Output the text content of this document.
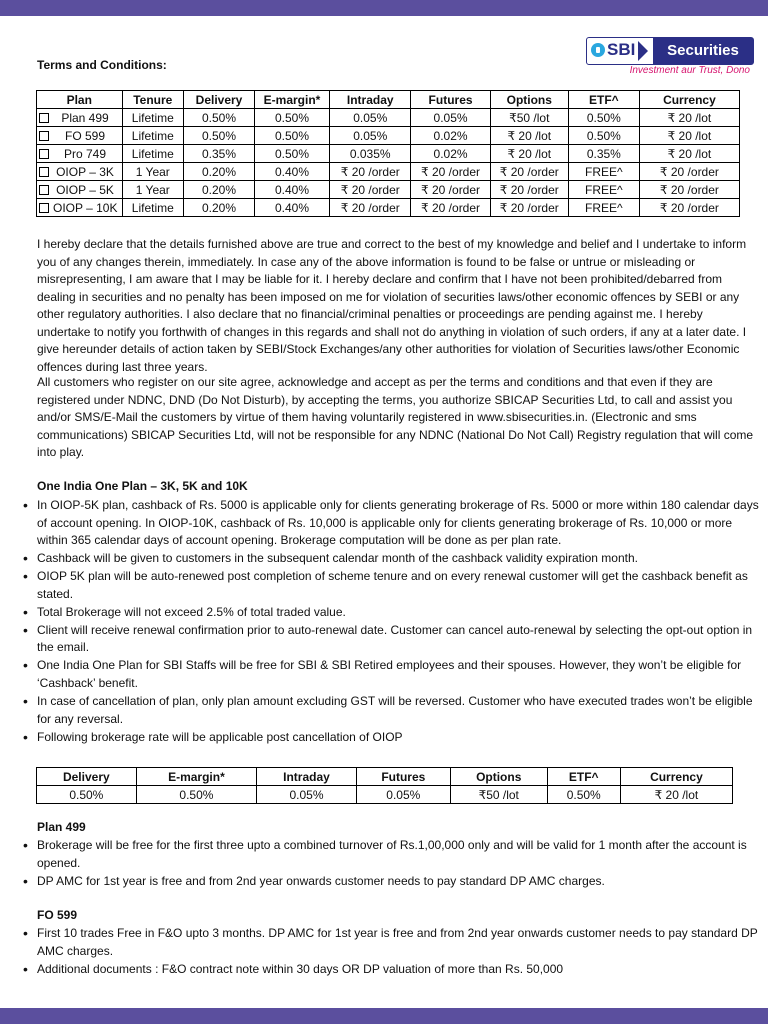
Terms and Conditions:
SBI	Securities
Investment aur Trust, Dono
Plan	Tenure	Delivery	E-margin*	Intraday	Futures	Options	ETF^	Currency
Plan 499	Lifetime	0.50%	0.50%	0.05%	0.05%	₹50 /lot	0.50%	₹ 20 /lot
FO 599	Lifetime	0.50%	0.50%	0.05%	0.02%	₹ 20 /lot	0.50%	₹ 20 /lot
Pro 749	Lifetime	0.35%	0.50%	0.035%	0.02%	₹ 20 /lot	0.35%	₹ 20 /lot
OIOP – 3K	1 Year	0.20%	0.40%	₹ 20 /order	₹ 20 /order	₹ 20 /order	FREE^	₹ 20 /order
OIOP – 5K	1 Year	0.20%	0.40%	₹ 20 /order	₹ 20 /order	₹ 20 /order	FREE^	₹ 20 /order
OIOP – 10K	Lifetime	0.20%	0.40%	₹ 20 /order	₹ 20 /order	₹ 20 /order	FREE^	₹ 20 /order

I hereby declare that the details furnished above are true and correct to the best of my knowledge and belief and I undertake to inform you of any changes therein, immediately. In case any of the above information is found to be false or untrue or misleading or misrepresenting, I am aware that I may be liable for it. I hereby declare and confirm that I have not been prohibited/debarred from dealing in securities and no penalty has been imposed on me for violation of securities laws/other economic offences by SEBI or any other regulatory authorities. I also declare that no financial/criminal penalties or proceedings are pending against me. I hereby undertake to notify you forthwith of changes in this regards and shall not do anything in violation of such orders, if any at a later date. I give hereunder details of action taken by SEBI/Stock Exchanges/any other authorities for violation of Securities laws/other Economic offences during last three years.

All customers who register on our site agree, acknowledge and accept as per the terms and conditions and that even if they are registered under NDNC, DND (Do Not Disturb), by accepting the terms, you authorize SBICAP Securities Ltd, to call and assist you and/or SMS/E-Mail the customers by virtue of them having voluntarily registered in www.sbisecurities.in. (Electronic and sms communications) SBICAP Securities Ltd, will not be responsible for any NDNC (National Do Not Call) Registry regulation that will come into play.

One India One Plan – 3K, 5K and 10K
• In OIOP-5K plan, cashback of Rs. 5000 is applicable only for clients generating brokerage of Rs. 5000 or more within 180 calendar days of account opening. In OIOP-10K, cashback of Rs. 10,000 is applicable only for clients generating brokerage of Rs. 10,000 or more within 365 calendar days of account opening. Brokerage computation will be done as per plan rate.
• Cashback will be given to customers in the subsequent calendar month of the cashback validity expiration month.
• OIOP 5K plan will be auto-renewed post completion of scheme tenure and on every renewal customer will get the cashback benefit as stated.
• Total Brokerage will not exceed 2.5% of total traded value.
• Client will receive renewal confirmation prior to auto-renewal date. Customer can cancel auto-renewal by selecting the opt-out option in the email.
• One India One Plan for SBI Staffs will be free for SBI & SBI Retired employees and their spouses. However, they won’t be eligible for ‘Cashback’ benefit.
• In case of cancellation of plan, only plan amount excluding GST will be reversed. Customer who have executed trades won’t be eligible for any reversal.
• Following brokerage rate will be applicable post cancellation of OIOP
Delivery	E-margin*	Intraday	Futures	Options	ETF^	Currency
0.50%	0.50%	0.05%	0.05%	₹50 /lot	0.50%	₹ 20 /lot
Plan 499
• Brokerage will be free for the first three upto a combined turnover of Rs.1,00,000 only and will be valid for 1 month after the account is opened.
• DP AMC for 1st year is free and from 2nd year onwards customer needs to pay standard DP AMC charges.
FO 599
• First 10 trades Free in F&O upto 3 months. DP AMC for 1st year is free and from 2nd year onwards customer needs to pay standard DP AMC charges.
• Additional documents : F&O contract note within 30 days OR DP valuation of more than Rs. 50,000
